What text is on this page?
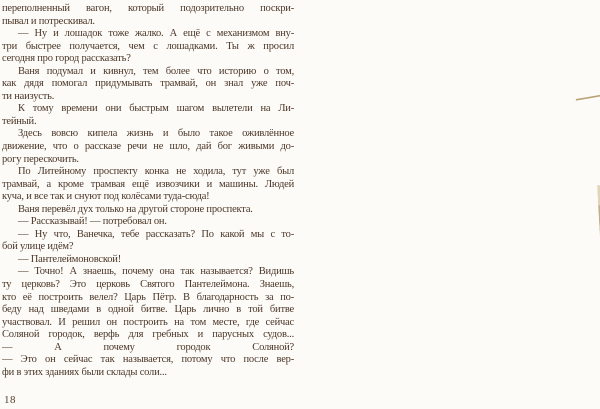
переполненный вагон, который подозрительно поскри-
пывал и потрескивал.
— Ну и лошадок тоже жалко. А ещё с механизмом вну-
три быстрее получается, чем с лошадками. Ты ж просил
сегодня про город рассказать?
Ваня подумал и кивнул, тем более что историю о том,
как дядя помогал придумывать трамвай, он знал уже поч-
ти наизусть.
К тому времени они быстрым шагом вылетели на Ли-
тейный.
Здесь вовсю кипела жизнь и было такое оживлённое
движение, что о рассказе речи не шло, дай бог живыми до-
рогу перескочить.
По Литейному проспекту конка не ходила, тут уже был
трамвай, а кроме трамвая ещё извозчики и машины. Людей
куча, и все так и снуют под колёсами туда-сюда!
Ваня перевёл дух только на другой стороне проспекта.
— Рассказывай! — потребовал он.
— Ну что, Ванечка, тебе рассказать? По какой мы с то-
бой улице идём?
— Пантелеймоновской!
— Точно! А знаешь, почему она так называется? Видишь
ту церковь? Это церковь Святого Пантелеймона. Знаешь,
кто её построить велел? Царь Пётр. В благодарность за по-
беду над шведами в одной битве. Царь лично в той битве
участвовал. И решил он построить на том месте, где сейчас
Соляной городок, верфь для гребных и парусных судов...
— А почему городок Соляной?
— Это он сейчас так называется, потому что после вер-
фи в этих зданиях были склады соли...
18
